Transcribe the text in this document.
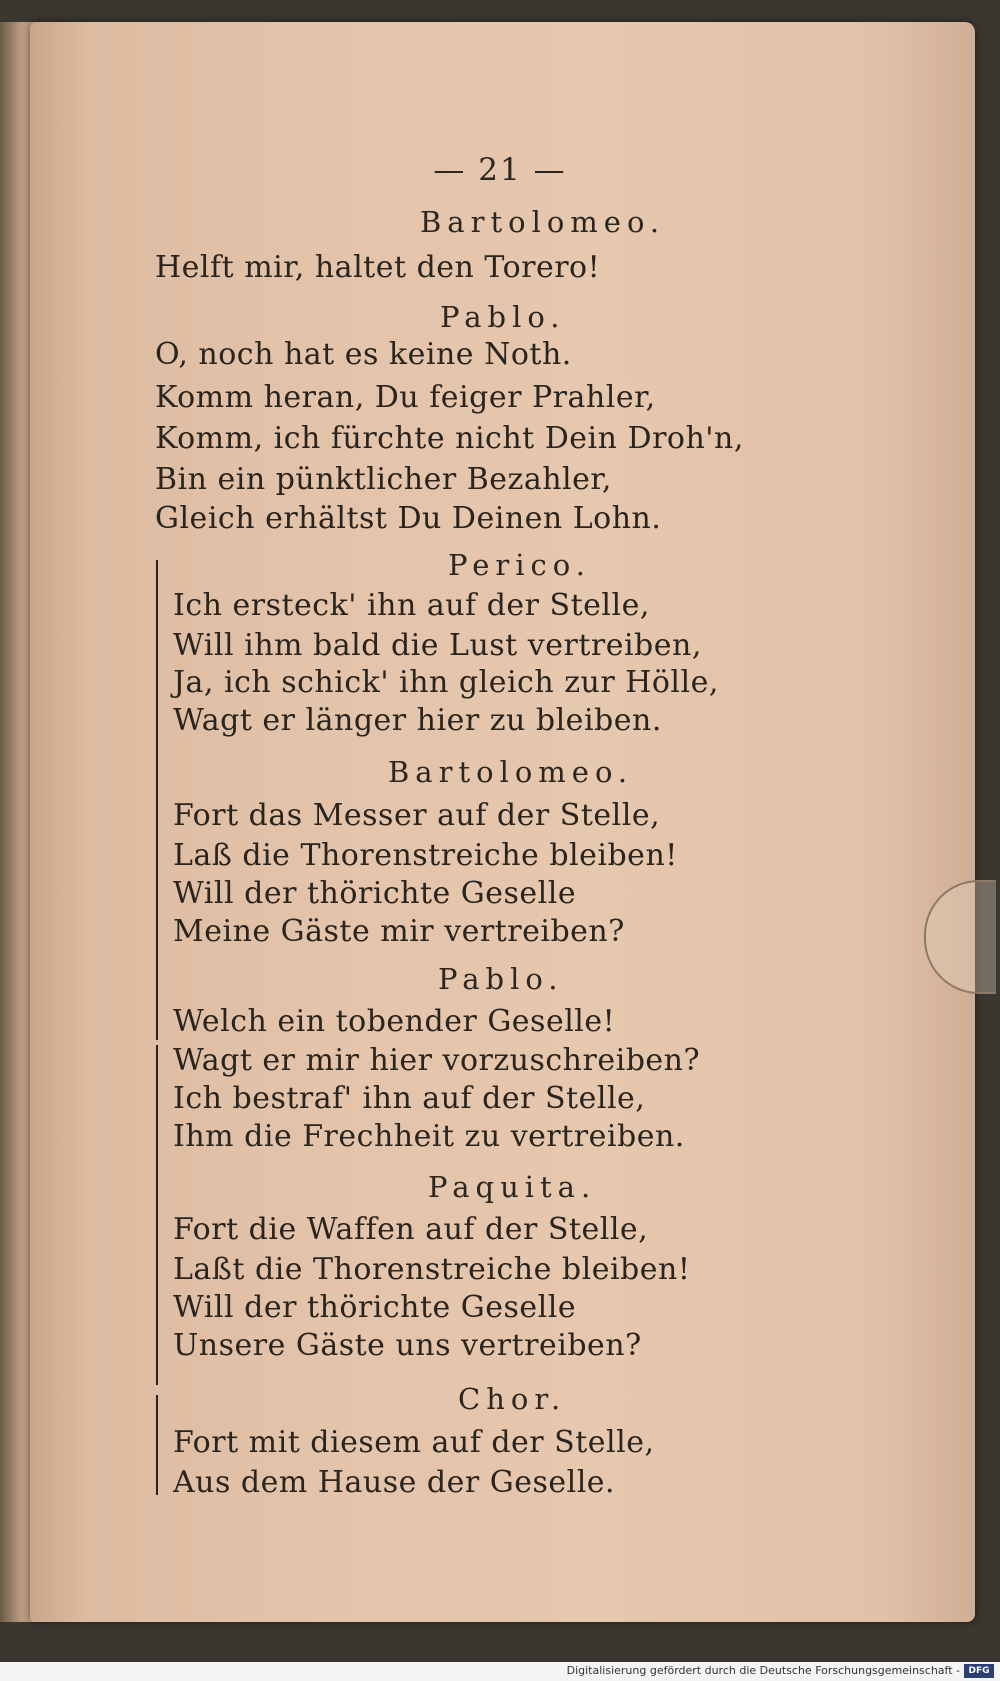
— 21 —
Bartolomeo.
Helft mir, haltet den Torero!
Pablo.
O, noch hat es keine Noth.
Komm heran, Du feiger Prahler,
Komm, ich fürchte nicht Dein Droh'n,
Bin ein pünktlicher Bezahler,
Gleich erhältst Du Deinen Lohn.
Perico.
Ich ersteck' ihn auf der Stelle,
Will ihm bald die Lust vertreiben,
Ja, ich schick' ihn gleich zur Hölle,
Wagt er länger hier zu bleiben.
Bartolomeo.
Fort das Messer auf der Stelle,
Laß die Thorenstreiche bleiben!
Will der thörichte Geselle
Meine Gäste mir vertreiben?
Pablo.
Welch ein tobender Geselle!
Wagt er mir hier vorzuschreiben?
Ich bestraf' ihn auf der Stelle,
Ihm die Frechheit zu vertreiben.
Paquita.
Fort die Waffen auf der Stelle,
Laßt die Thorenstreiche bleiben!
Will der thörichte Geselle
Unsere Gäste uns vertreiben?
Chor.
Fort mit diesem auf der Stelle,
Aus dem Hause der Geselle.
Digitalisierung gefördert durch die Deutsche Forschungsgemeinschaft - DFG
